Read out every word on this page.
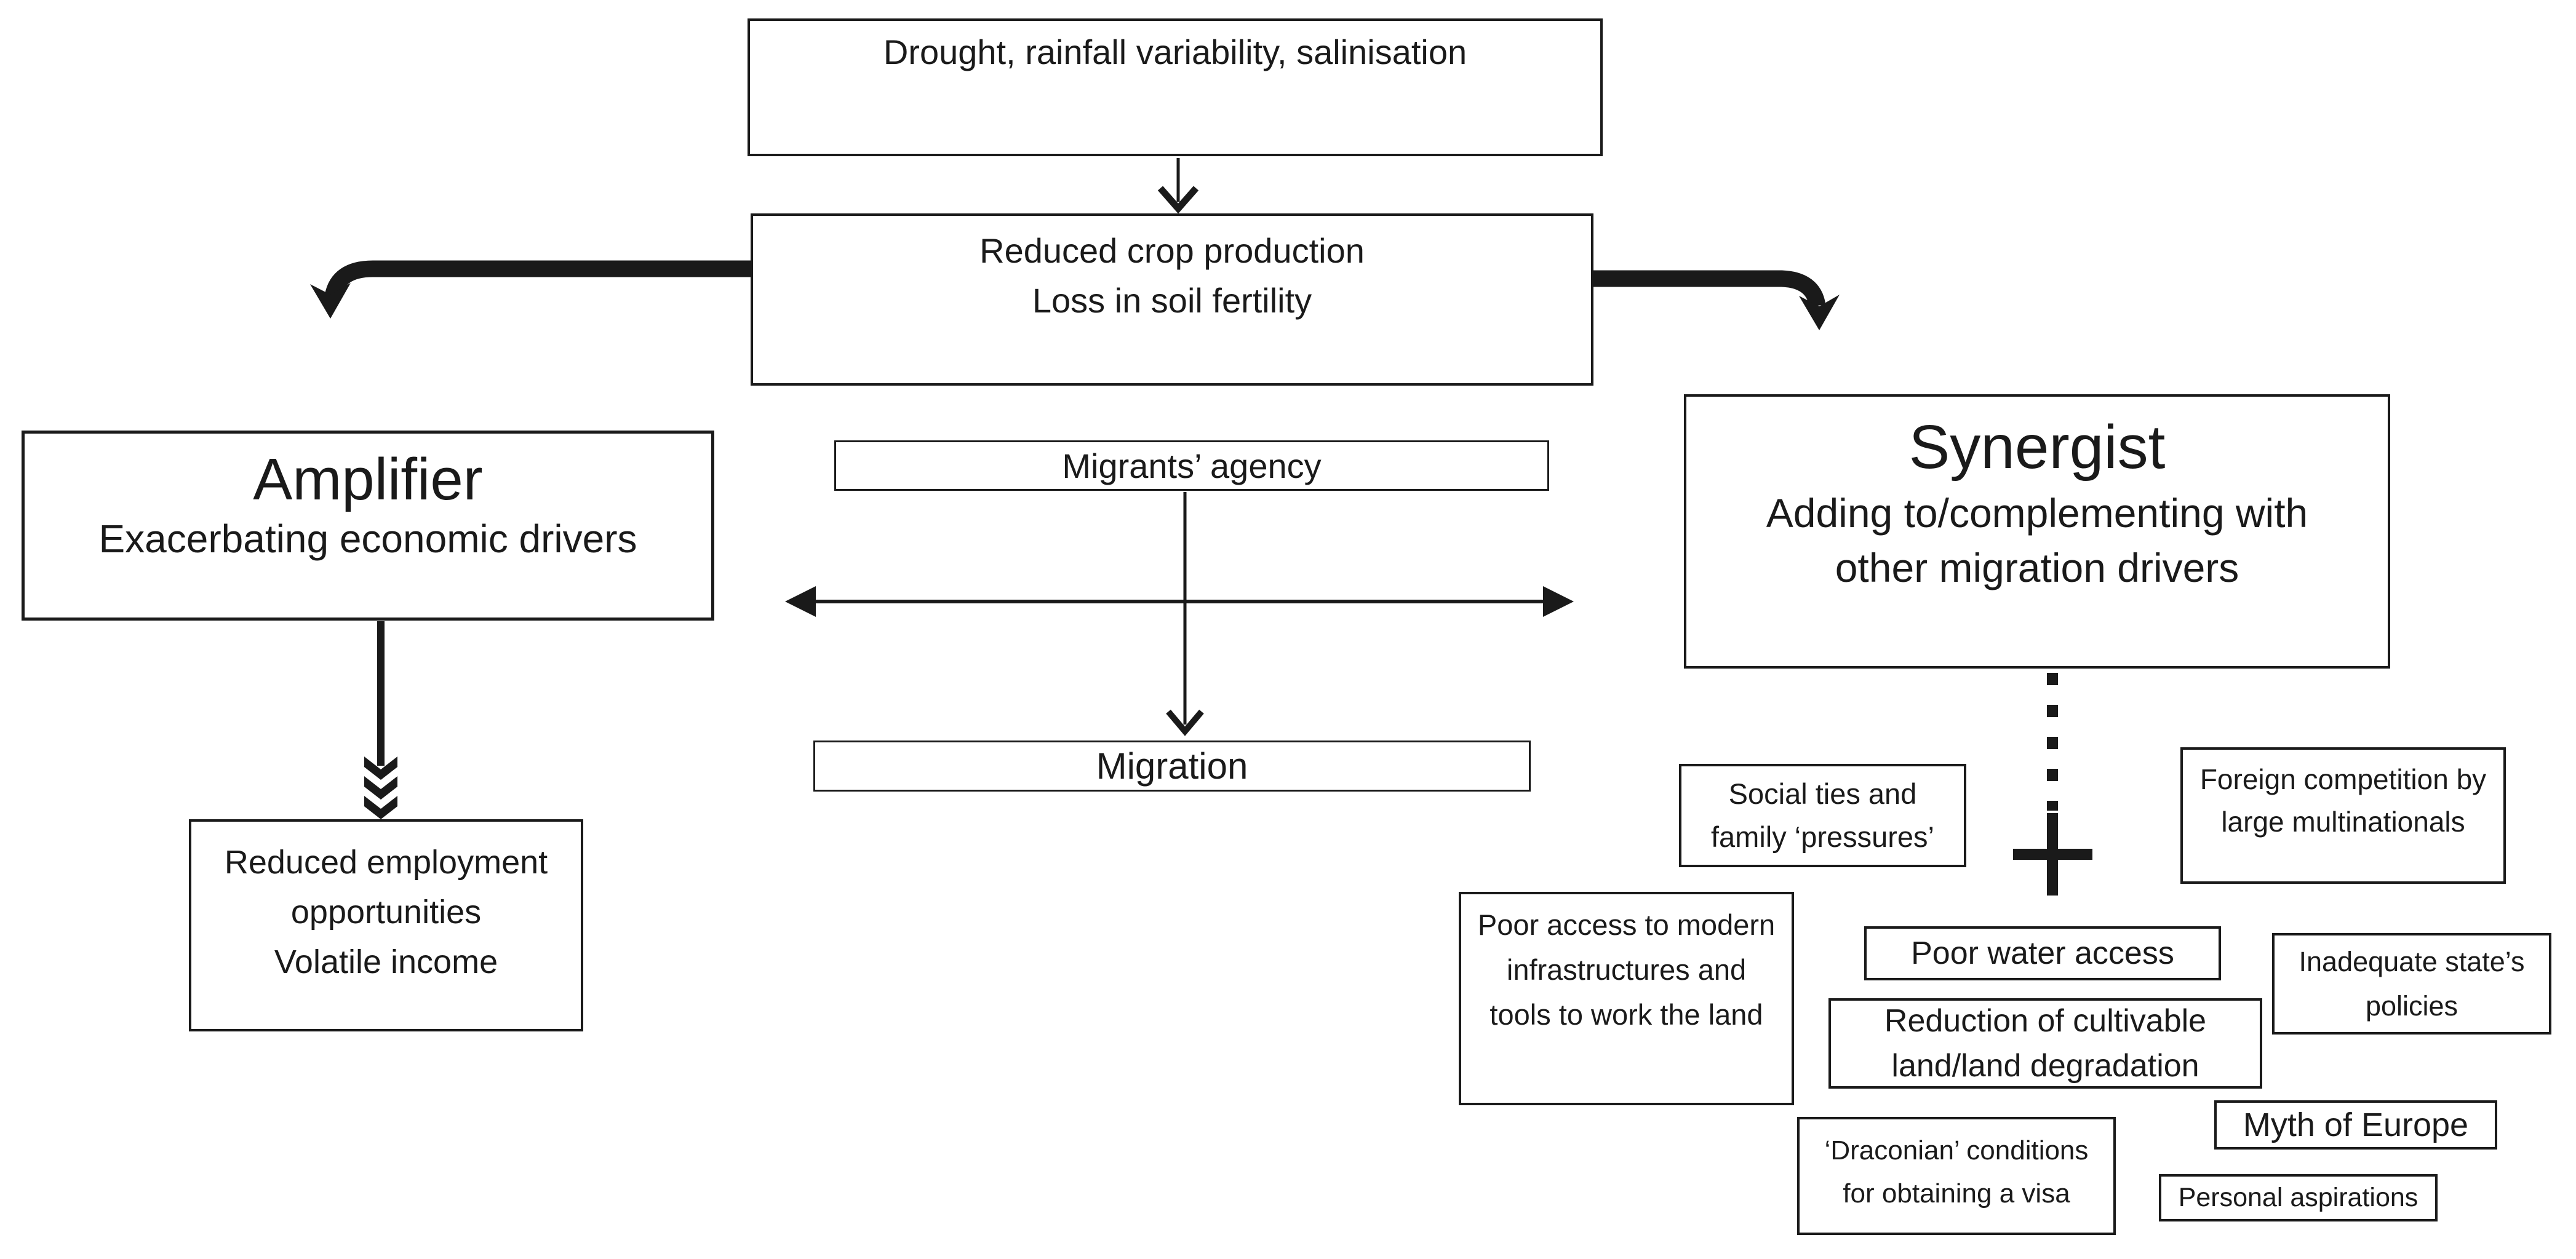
Drought, rainfall variability, salinisation
Reduced crop production
Loss in soil fertility
Amplifier
Exacerbating economic drivers
Migrants’ agency
Migration
Synergist
Adding to/complementing with
other migration drivers
Reduced employment
opportunities
Volatile income
Social ties and
family ‘pressures’
Foreign competition by
large multinationals
Poor access to modern
infrastructures and
tools to work the land
Poor water access	Inadequate state’s
policies
Reduction of cultivable
land/land degradation
‘Draconian’ conditions
for obtaining a visa
Myth of Europe
Personal aspirations
